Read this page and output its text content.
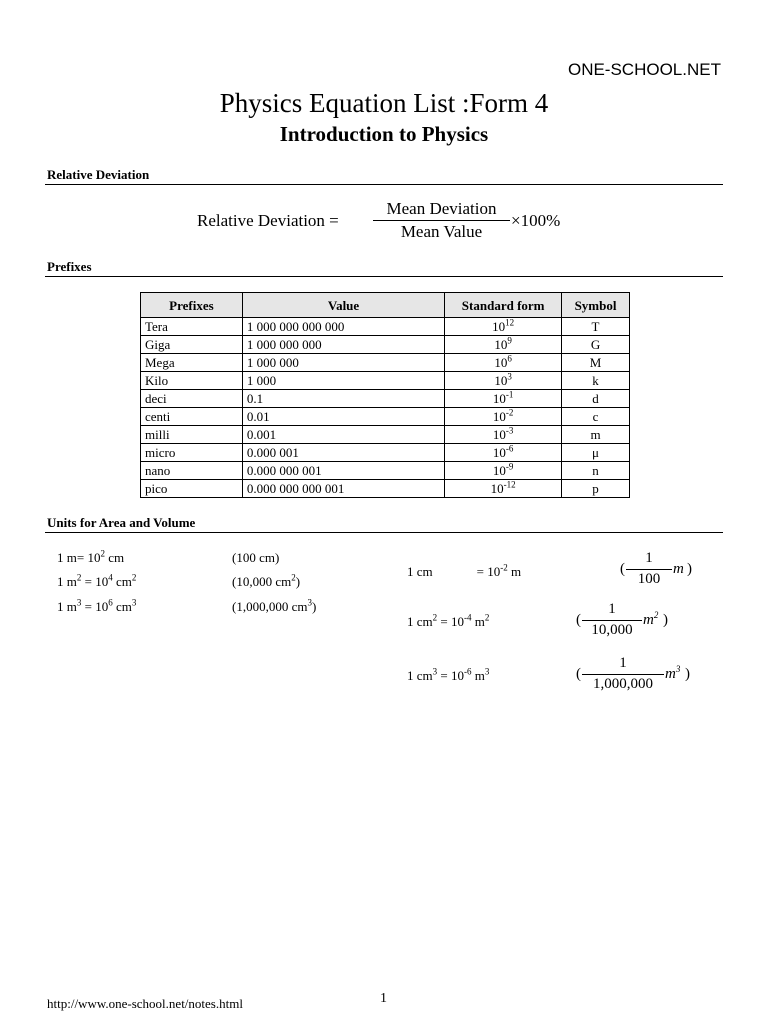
ONE-SCHOOL.NET
Physics Equation List :Form 4
Introduction to Physics
Relative Deviation
Relative Deviation =
Mean Deviation
Mean Value
×100%
Prefixes
Prefixes	Value	Standard form	Symbol
Tera	1 000 000 000 000	$10^{12}$	T
Giga	1 000 000 000	$10^9$	G
Mega	1 000 000	$10^6$	M
Kilo	1 000	$10^3$	k
deci	0.1	$10^{-1}$	d
centi	0.01	$10^{-2}$	c
milli	0.001	$10^{-3}$	m
micro	0.000 001	$10^{-6}$	μ
nano	0.000 000 001	$10^{-9}$	n
pico	0.000 000 000 001	$10^{-12}$	p
Units for Area and Volume
1 $m= 10^2$ cm	(100 cm)
1 $m^2 = 10^4$ $cm^2$	(10,000 $cm^2$)
1 $m^3 = 10^6$ $cm^3$	(1,000,000 $cm^3$)
1 cm	= $10^{-2}$ m	(
1
100
m )
1 $cm^2 = 10^{-4}$ $m^2$	(
1
10,000
$m^2$ )
1 $cm^3 = 10^{-6}$ $m^3$	(
1
1,000,000
$m^3$ )
http://www.one-school.net/notes.html	1
